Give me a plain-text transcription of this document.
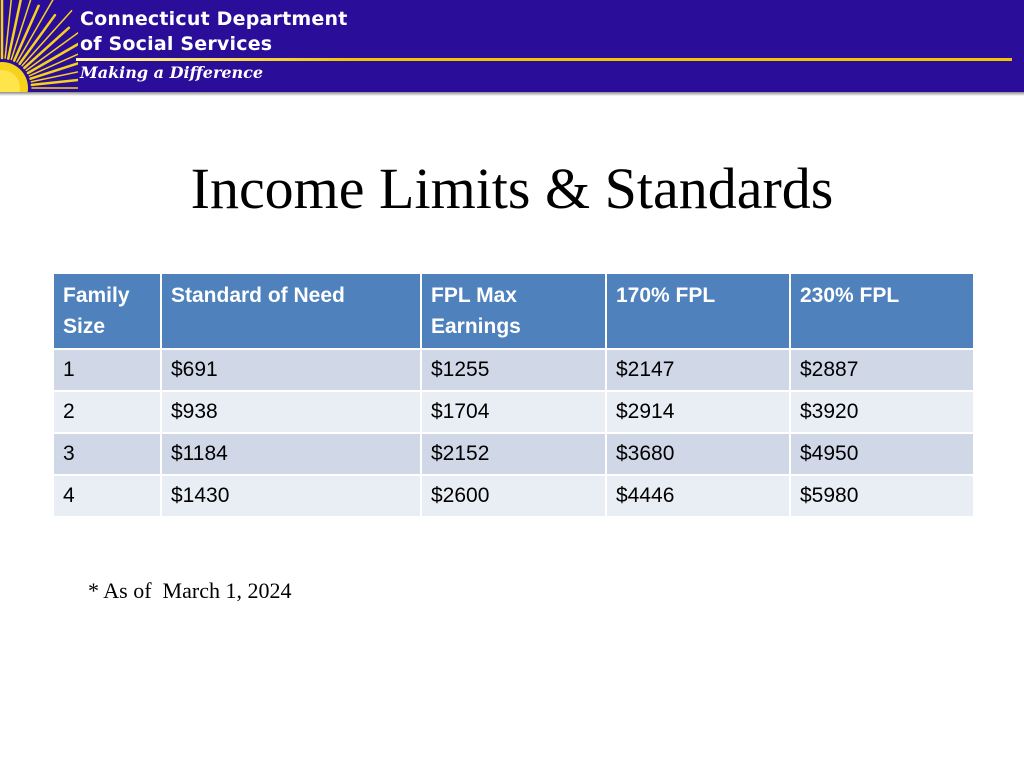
Connecticut Department
of Social Services
Making a Difference
Income Limits & Standards
Family Size	Standard of Need	FPL Max Earnings	170% FPL	230% FPL
1	$691	$1255	$2147	$2887
2	$938	$1704	$2914	$3920
3	$1184	$2152	$3680	$4950
4	$1430	$2600	$4446	$5980
* As of  March 1, 2024
